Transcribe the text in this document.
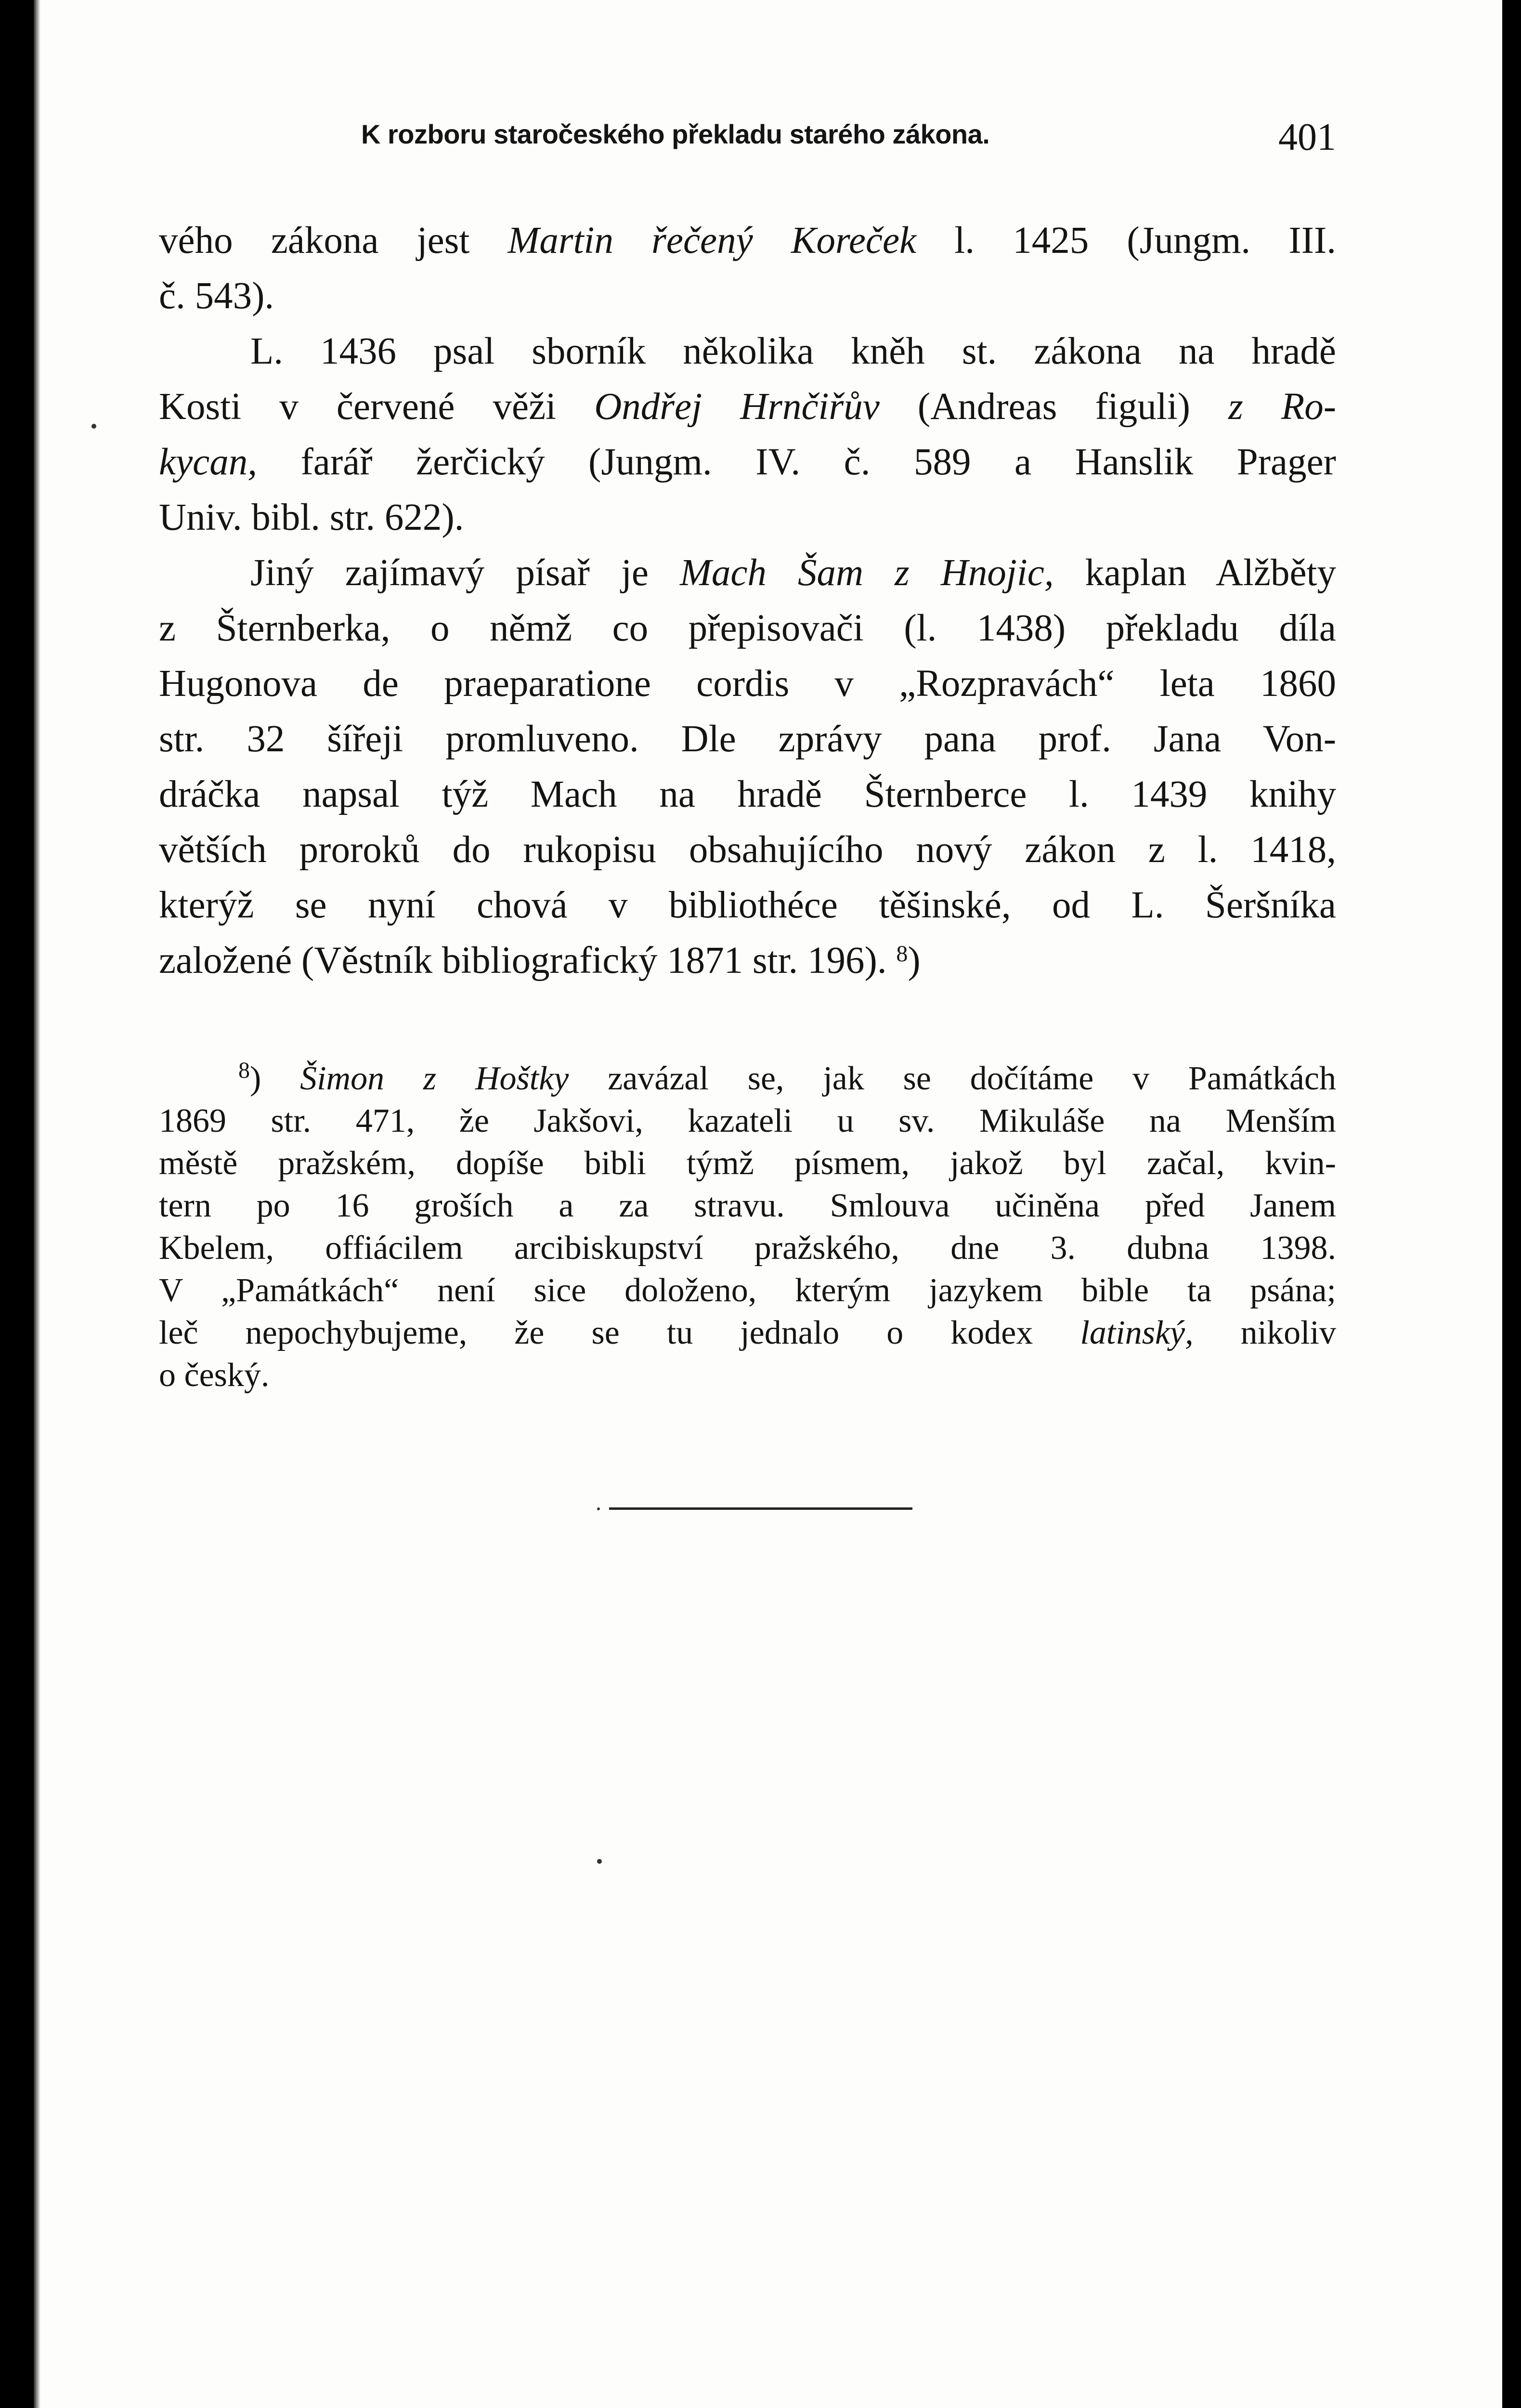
K rozboru staročeského překladu starého zákona.	401
vého zákona jest Martin řečený Koreček l. 1425 (Jungm. III.
č. 543).
L. 1436 psal sborník několika kněh st. zákona na hradě
Kosti v červené věži Ondřej Hrnčiřův (Andreas figuli) z Ro-
kycan, farář žerčický (Jungm. IV. č. 589 a Hanslik Prager
Univ. bibl. str. 622).
Jiný zajímavý písař je Mach Šam z Hnojic, kaplan Alžběty
z Šternberka, o němž co přepisovači (l. 1438) překladu díla
Hugonova de praeparatione cordis v „Rozpravách“ leta 1860
str. 32 šířeji promluveno. Dle zprávy pana prof. Jana Von-
dráčka napsal týž Mach na hradě Šternberce l. 1439 knihy
větších proroků do rukopisu obsahujícího nový zákon z l. 1418,
kterýž se nyní chová v bibliothéce těšinské, od L. Šeršníka
založené (Věstník bibliografický 1871 str. 196). $^8$)
$^8$) Šimon z Hoštky zavázal se, jak se dočítáme v Památkách
1869 str. 471, že Jakšovi, kazateli u sv. Mikuláše na Menším
městě pražském, dopíše bibli týmž písmem, jakož byl začal, kvin-
tern po 16 groších a za stravu. Smlouva učiněna před Janem
Kbelem, offiácilem arcibiskupství pražského, dne 3. dubna 1398.
V „Památkách“ není sice doloženo, kterým jazykem bible ta psána;
leč nepochybujeme, že se tu jednalo o kodex latinský, nikoliv
o český.
